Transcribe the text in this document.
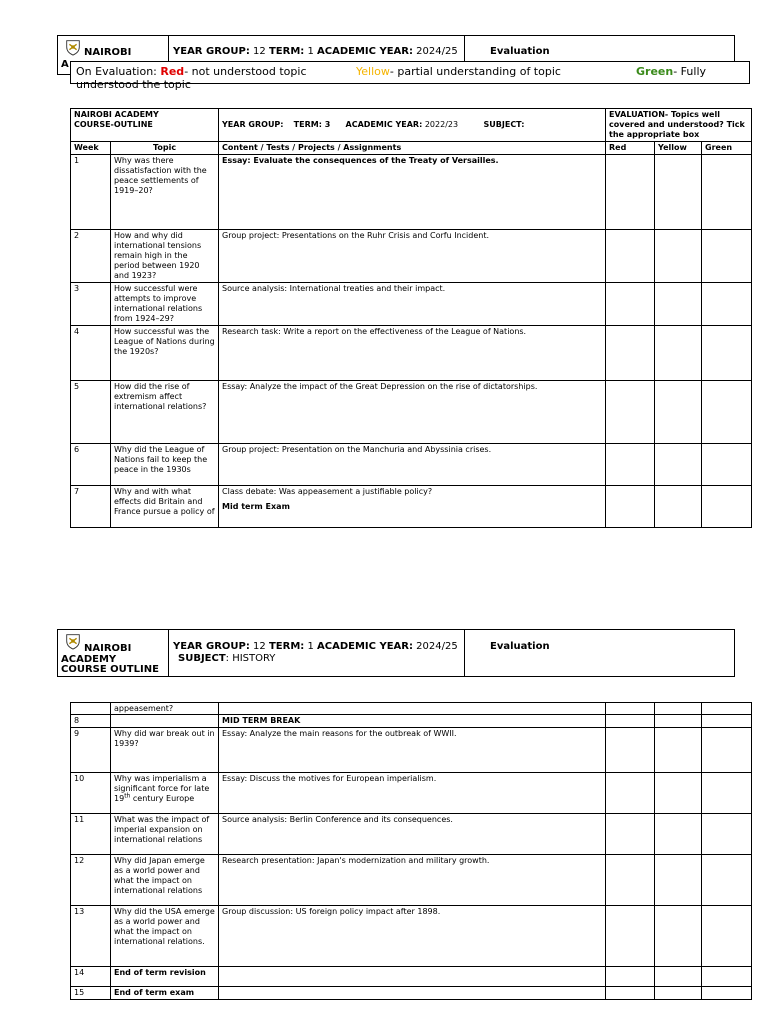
NAIROBI
A
YEAR GROUP: 12 TERM: 1 ACADEMIC YEAR: 2024/25	Evaluation
On Evaluation: Red- not understood topic	Yellow- partial understanding of topic	Green- Fully
understood the topic
NAIROBI ACADEMY
COURSE-OUTLINE		YEAR GROUP: TERM: 3 ACADEMIC YEAR: 2022/23 SUBJECT:	EVALUATION- Topics well covered and understood? Tick the appropriate box		
Week	Topic	Content / Tests / Projects / Assignments	Red	Yellow	Green
1	Why was there dissatisfaction with the peace settlements of 1919–20?	Essay: Evaluate the consequences of the Treaty of Versailles.			
2	How and why did international tensions remain high in the period between 1920 and 1923?	Group project: Presentations on the Ruhr Crisis and Corfu Incident.			
3	How successful were attempts to improve international relations from 1924–29?	Source analysis: International treaties and their impact.			
4	How successful was the League of Nations during the 1920s?	Research task: Write a report on the effectiveness of the League of Nations.			
5	How did the rise of extremism affect international relations?	Essay: Analyze the impact of the Great Depression on the rise of dictatorships.			
6	Why did the League of Nations fail to keep the peace in the 1930s	Group project: Presentation on the Manchuria and Abyssinia crises.			
7	Why and with what effects did Britain and France pursue a policy of	Class debate: Was appeasement a justifiable policy?
Mid term Exam			

NAIROBI
ACADEMY
COURSE OUTLINE
YEAR GROUP: 12 TERM: 1 ACADEMIC YEAR: 2024/25
SUBJECT: HISTORY
Evaluation
	appeasement?				
8		MID TERM BREAK			
9	Why did war break out in 1939?	Essay: Analyze the main reasons for the outbreak of WWII.			
10	Why was imperialism a significant force for late 19th century Europe	Essay: Discuss the motives for European imperialism.			
11	What was the impact of imperial expansion on international relations	Source analysis: Berlin Conference and its consequences.			
12	Why did Japan emerge as a world power and what the impact on international relations	Research presentation: Japan's modernization and military growth.			
13	Why did the USA emerge as a world power and what the impact on international relations.	Group discussion: US foreign policy impact after 1898.			
14	End of term revision				
15	End of term exam				
